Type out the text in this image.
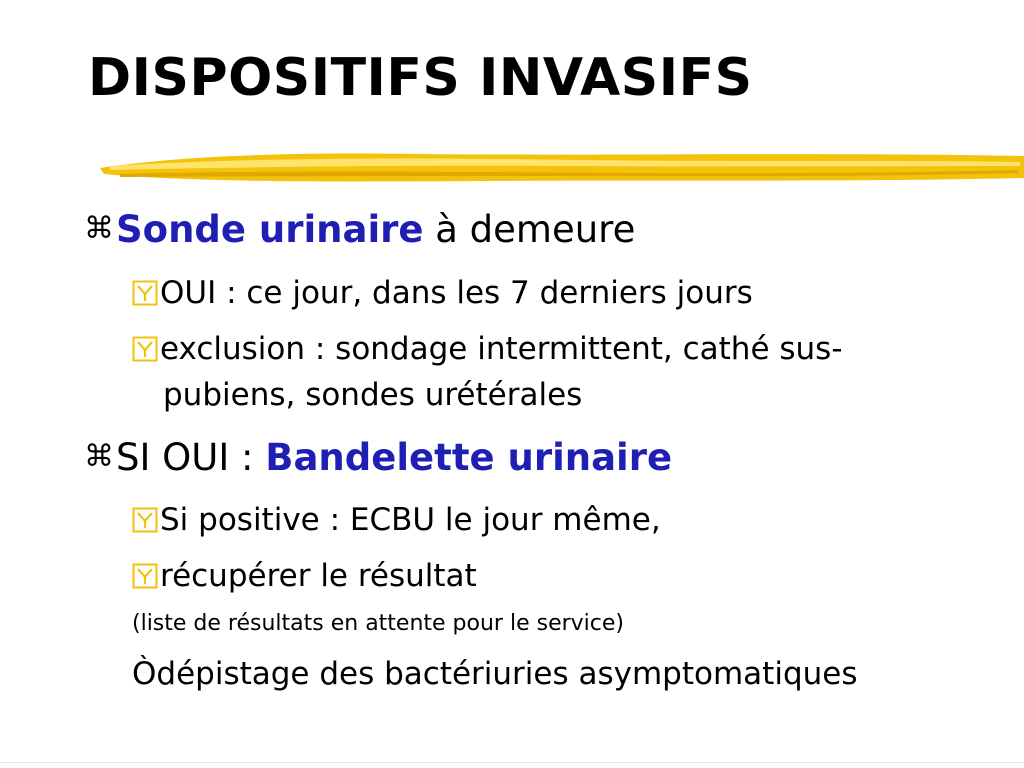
DISPOSITIFS INVASIFS
⌘Sonde urinaire à demeure
OUI : ce jour, dans les 7 derniers jours
exclusion : sondage intermittent, cathé sus-
pubiens, sondes urétérales
⌘SI OUI : Bandelette urinaire
Si positive : ECBU le jour même,
récupérer le résultat
(liste de résultats en attente pour le service)
Òdépistage des bactériuries asymptomatiques
